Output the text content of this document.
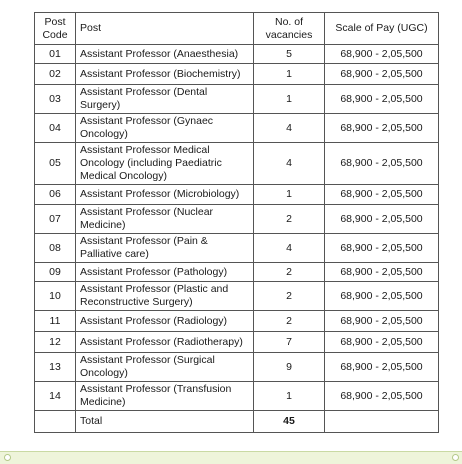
Post Code	Post	No. of vacancies	Scale of Pay (UGC)
01	Assistant Professor (Anaesthesia)	5	68,900 - 2,05,500
02	Assistant Professor (Biochemistry)	1	68,900 - 2,05,500
03	Assistant Professor (Dental Surgery)	1	68,900 - 2,05,500
04	Assistant Professor (Gynaec Oncology)	4	68,900 - 2,05,500
05	Assistant Professor Medical Oncology (including Paediatric Medical Oncology)	4	68,900 - 2,05,500
06	Assistant Professor (Microbiology)	1	68,900 - 2,05,500
07	Assistant Professor (Nuclear Medicine)	2	68,900 - 2,05,500
08	Assistant Professor (Pain & Palliative care)	4	68,900 - 2,05,500
09	Assistant Professor (Pathology)	2	68,900 - 2,05,500
10	Assistant Professor (Plastic and Reconstructive Surgery)	2	68,900 - 2,05,500
11	Assistant Professor (Radiology)	2	68,900 - 2,05,500
12	Assistant Professor (Radiotherapy)	7	68,900 - 2,05,500
13	Assistant Professor (Surgical Oncology)	9	68,900 - 2,05,500
14	Assistant Professor (Transfusion Medicine)	1	68,900 - 2,05,500
	Total	45	
